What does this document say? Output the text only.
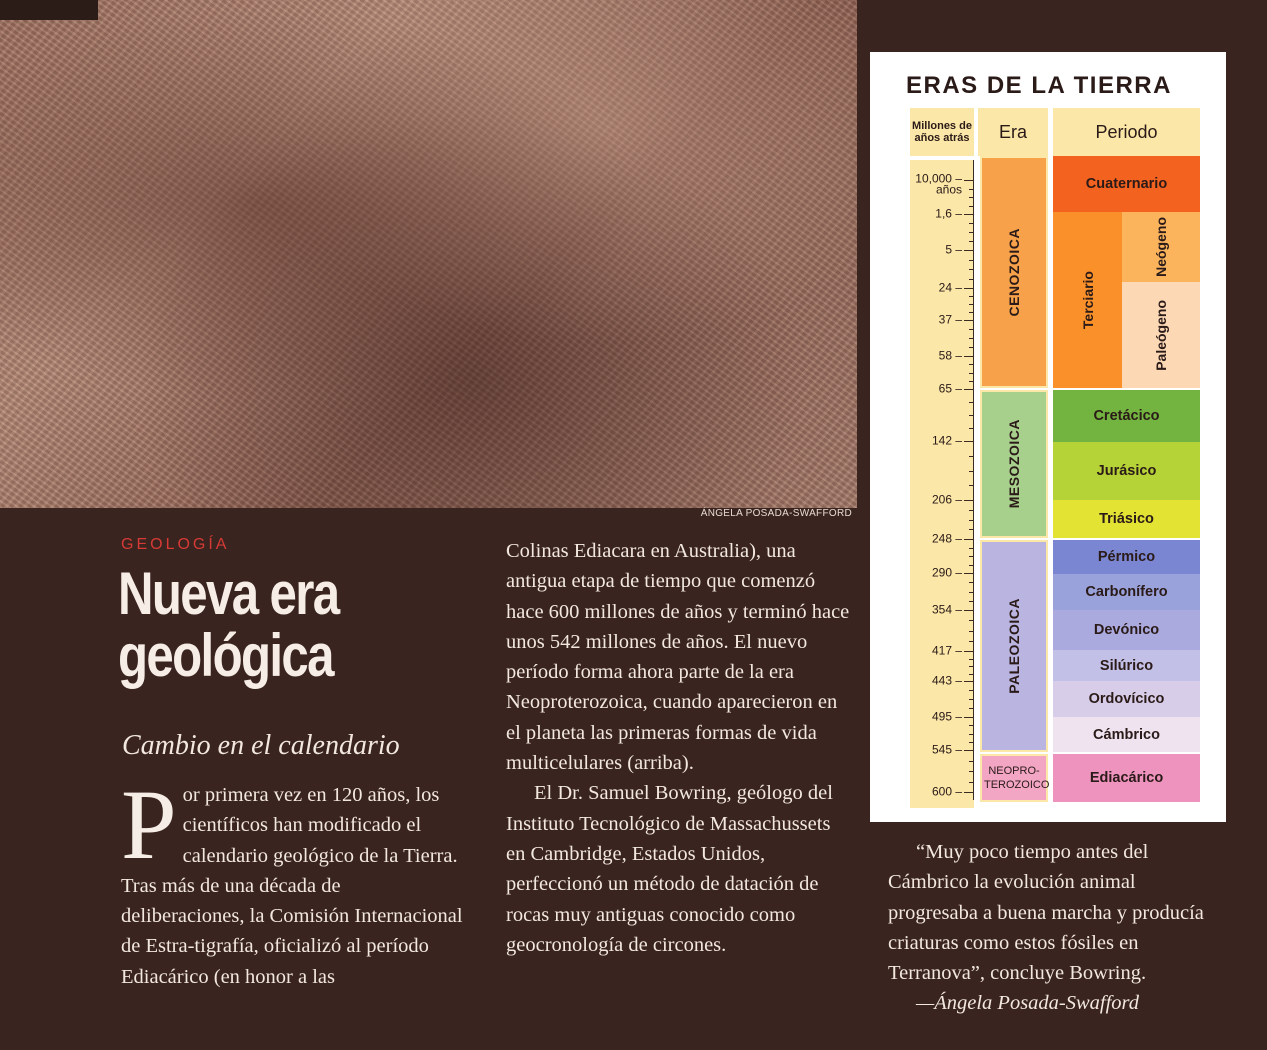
ÁNGELA POSADA-SWAFFORD
GEOLOGÍA
Nueva era
geológica
Cambio en el calendario
P or primera vez en 120 años, los científicos han modificado el calendario geológico de la Tierra. Tras más de una década de deliberaciones, la Comisión Internacional de Estra-tigrafía, oficializó al período Ediacárico (en honor a las

Colinas Ediacara en Australia), una antigua etapa de tiempo que comenzó hace 600 millones de años y terminó hace unos 542 millones de años. El nuevo período forma ahora parte de la era Neoproterozoica, cuando aparecieron en el planeta las primeras formas de vida multicelulares (arriba).

El Dr. Samuel Bowring, geólogo del Instituto Tecnológico de Massachussets en Cambridge, Estados Unidos, perfeccionó un método de datación de rocas muy antiguas conocido como geocronología de circones.

“Muy poco tiempo antes del Cámbrico la evolución animal progresaba a buena marcha y producía criaturas como estos fósiles en Terranova”, concluye Bowring.
—Ángela Posada-Swafford
ERAS DE LA TIERRA
Millones de años atrás	Era	Periodo
10,000 –
años
1,6 –
5 –
24 –
37 –
58 –
65 –
142 –
206 –
248 –
290 –
354 –
417 –
443 –
495 –
545 –
600 –
CENOZOICA
MESOZOICA
PALEOZOICA
NEOPRO-TEROZOICO
Cuaternario
Terciario
Neógeno
Paleógeno
Cretácico
Jurásico
Triásico
Pérmico
Carbonífero
Devónico
Silúrico
Ordovícico
Cámbrico
Ediacárico
